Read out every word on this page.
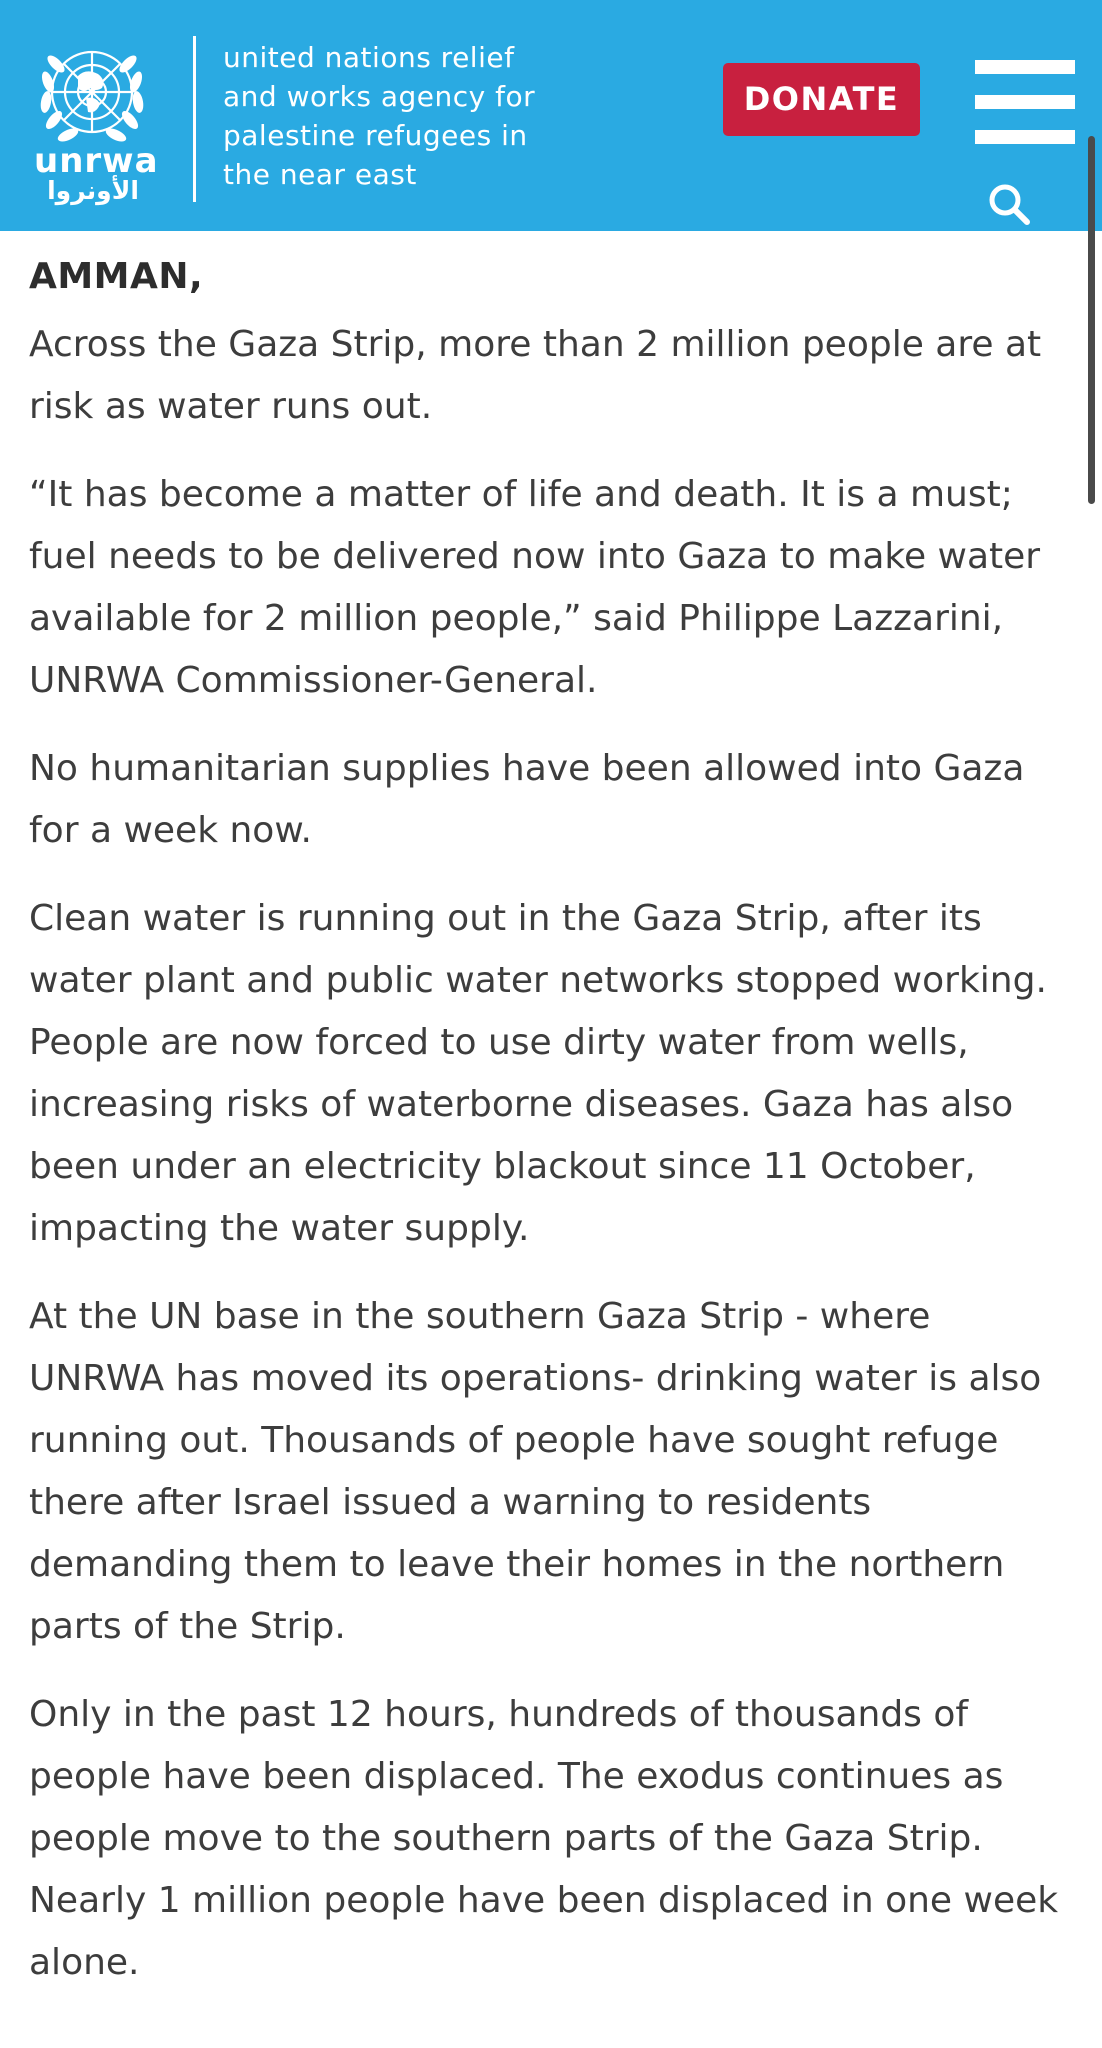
unrwa
الأونروا
united nations relief
and works agency for
palestine refugees in
the near east
DONATE

AMMAN,

Across the Gaza Strip, more than 2 million people are at risk as water runs out.

“It has become a matter of life and death. It is a must; fuel needs to be delivered now into Gaza to make water available for 2 million people,” said Philippe Lazzarini, UNRWA Commissioner-General.

No humanitarian supplies have been allowed into Gaza for a week now.

Clean water is running out in the Gaza Strip, after its water plant and public water networks stopped working. People are now forced to use dirty water from wells, increasing risks of waterborne diseases. Gaza has also been under an electricity blackout since 11 October, impacting the water supply.

At the UN base in the southern Gaza Strip - where UNRWA has moved its operations- drinking water is also running out. Thousands of people have sought refuge there after Israel issued a warning to residents demanding them to leave their homes in the northern parts of the Strip.

Only in the past 12 hours, hundreds of thousands of people have been displaced. The exodus continues as people move to the southern parts of the Gaza Strip. Nearly 1 million people have been displaced in one week alone.
